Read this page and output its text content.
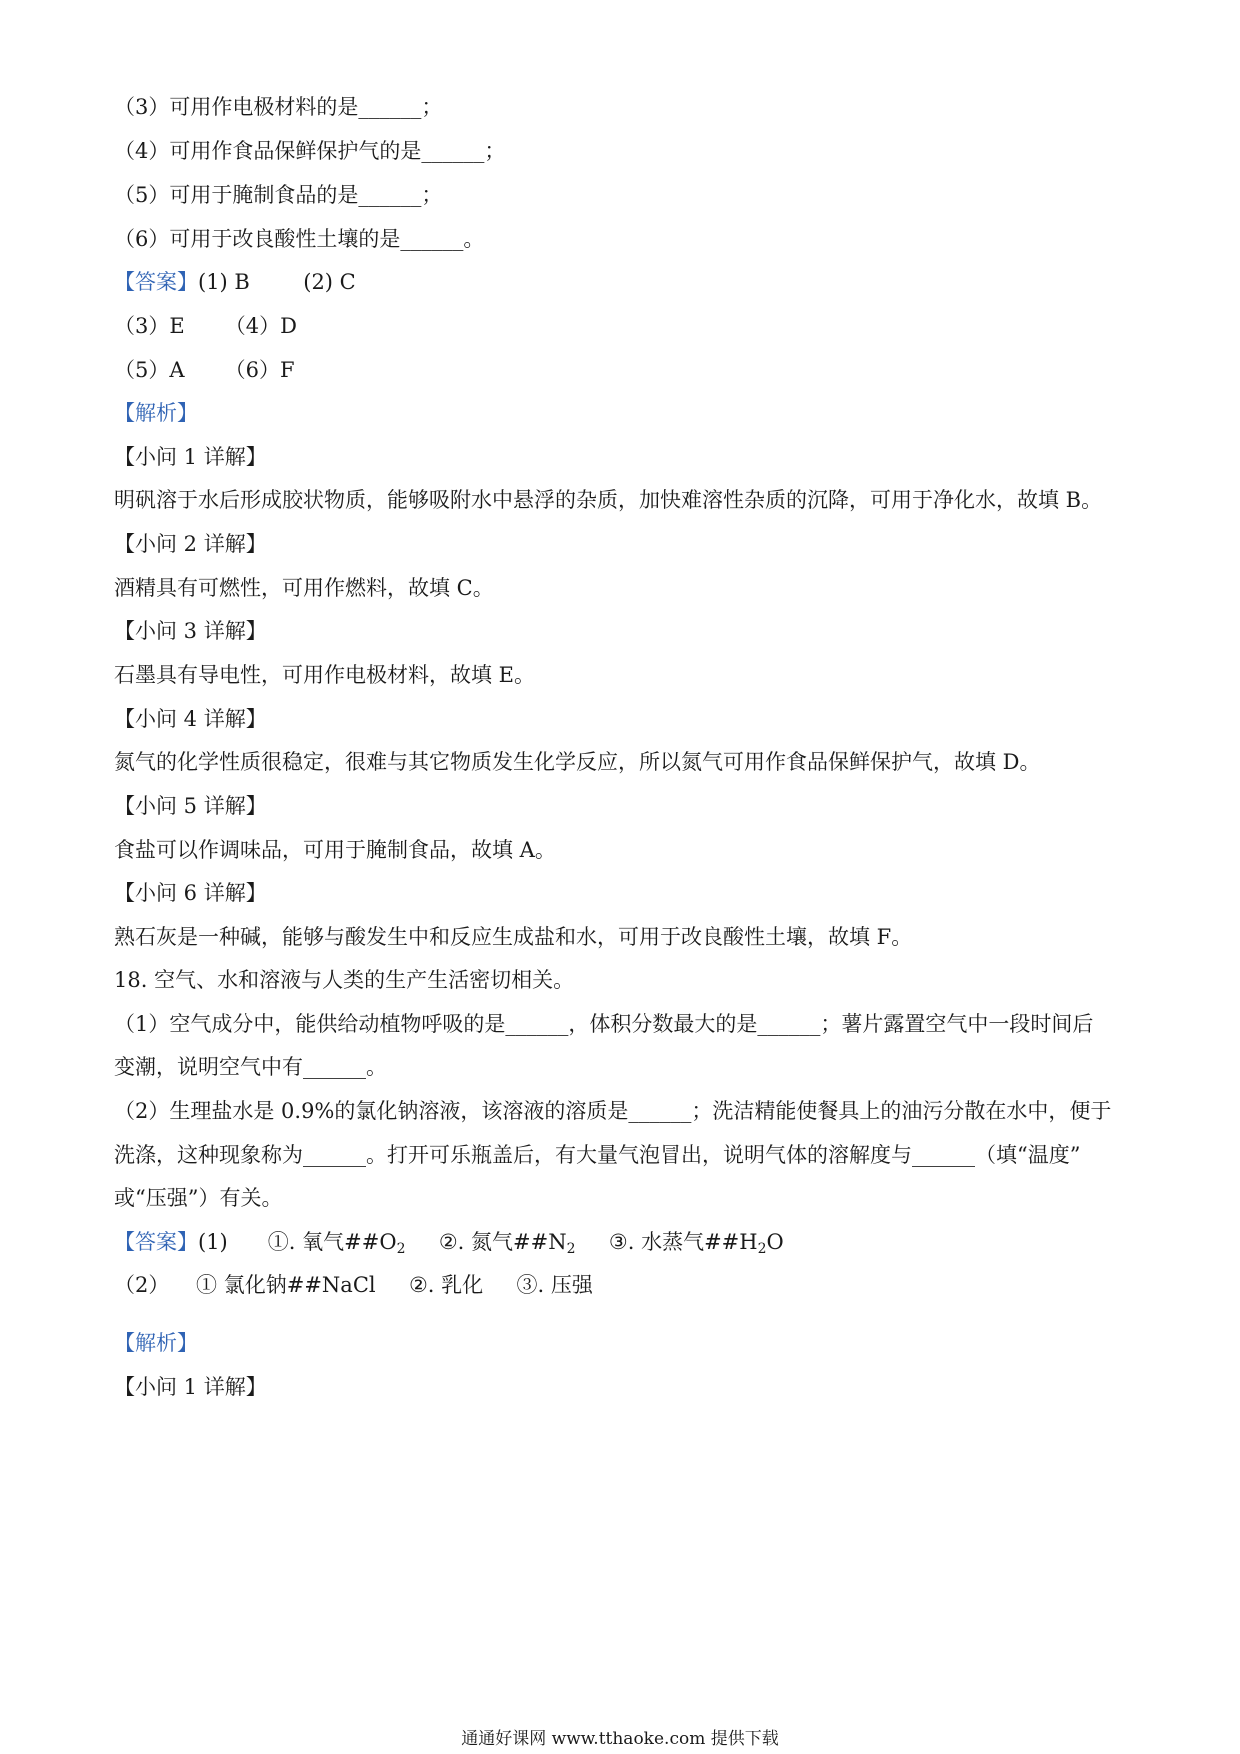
（3）可用作电极材料的是______；
（4）可用作食品保鲜保护气的是______；
（5）可用于腌制食品的是______；
（6）可用于改良酸性土壤的是______。
【答案】(1) B        (2) C
（3）E      （4）D
（5）A      （6）F
【解析】
【小问 1 详解】
明矾溶于水后形成胶状物质，能够吸附水中悬浮的杂质，加快难溶性杂质的沉降，可用于净化水，故填 B。
【小问 2 详解】
酒精具有可燃性，可用作燃料，故填 C。
【小问 3 详解】
石墨具有导电性，可用作电极材料，故填 E。
【小问 4 详解】
氮气的化学性质很稳定，很难与其它物质发生化学反应，所以氮气可用作食品保鲜保护气，故填 D。
【小问 5 详解】
食盐可以作调味品，可用于腌制食品，故填 A。
【小问 6 详解】
熟石灰是一种碱，能够与酸发生中和反应生成盐和水，可用于改良酸性土壤，故填 F。
18. 空气、水和溶液与人类的生产生活密切相关。
（1）空气成分中，能供给动植物呼吸的是______，体积分数最大的是______；薯片露置空气中一段时间后
变潮，说明空气中有______。
（2）生理盐水是 0.9%的氯化钠溶液，该溶液的溶质是______；洗洁精能使餐具上的油污分散在水中，便于
洗涤，这种现象称为______。打开可乐瓶盖后，有大量气泡冒出，说明气体的溶解度与______（填“温度”
或“压强”）有关。
【答案】(1)      ①. 氧气$\#\#O_2$     ②. 氮气$\#\#N_2$     ③. 水蒸气$\#\#H_2O$
（2）    ① 氯化钠##NaCl     ②. 乳化     ③. 压强
【解析】
【小问 1 详解】
通通好课网 www.tthaoke.com 提供下载
